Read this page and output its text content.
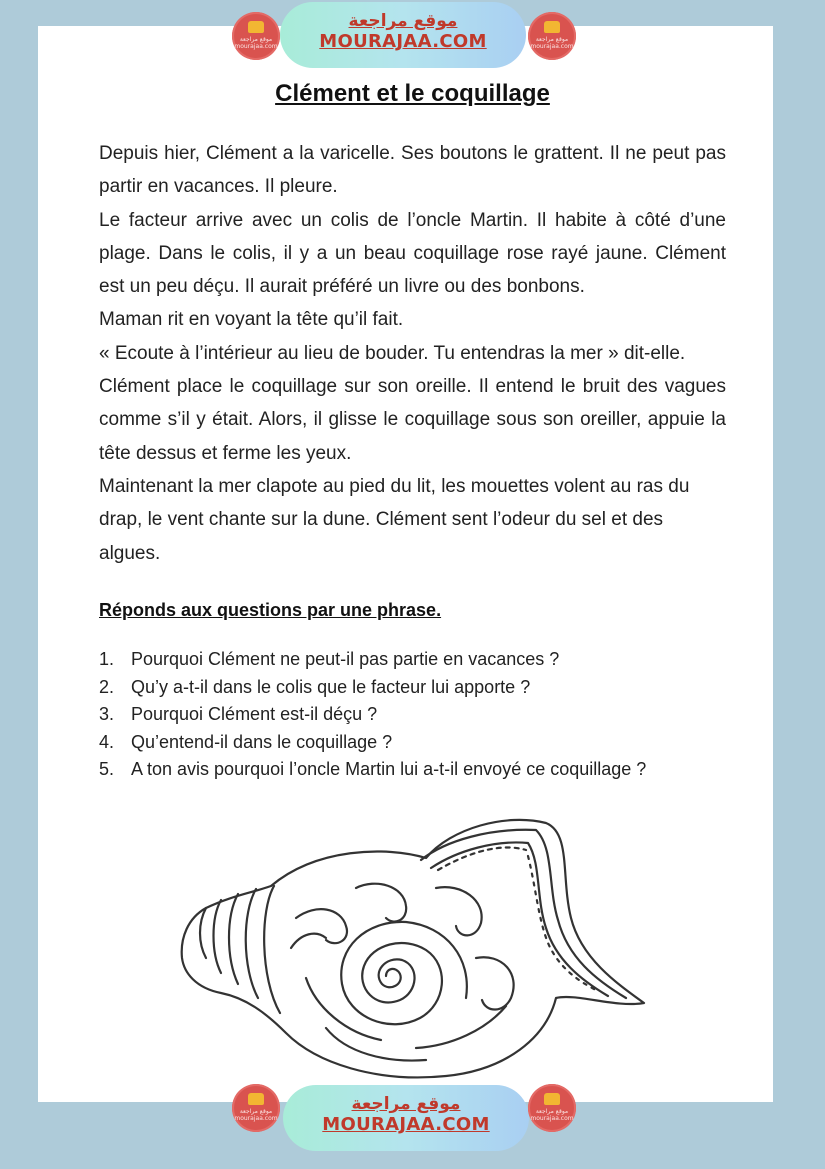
موقع مراجعة mourajaa.com
موقع مراجعة
MOURAJAA.COM	موقع مراجعة mourajaa.com
Clément et le coquillage

Depuis hier, Clément a la varicelle. Ses boutons le grattent. Il ne peut pas partir en vacances. Il pleure.

Le facteur arrive avec un colis de l’oncle Martin. Il habite à côté d’une plage. Dans le colis, il y a un beau coquillage rose rayé jaune. Clément est un peu déçu. Il aurait préféré un livre ou des bonbons.

Maman rit en voyant la tête qu’il fait.

« Ecoute à l’intérieur au lieu de bouder. Tu entendras la mer » dit-elle.

Clément place le coquillage sur son oreille. Il entend le bruit des vagues comme s’il y était. Alors, il glisse le coquillage sous son oreiller, appuie la tête dessus et ferme les yeux.

Maintenant la mer clapote au pied du lit, les mouettes volent au ras du drap, le vent chante sur la dune. Clément sent l’odeur du sel et des algues.

Réponds aux questions par une phrase.
1. Pourquoi Clément ne peut-il pas partie en vacances ?
2. Qu’y a-t-il dans le colis que le facteur lui apporte ?
3. Pourquoi Clément est-il déçu ?
4. Qu’entend-il dans le coquillage ?
5. A ton avis pourquoi l’oncle Martin lui a-t-il envoyé ce coquillage ?
موقع مراجعة mourajaa.com
موقع مراجعة
MOURAJAA.COM
موقع مراجعة mourajaa.com
